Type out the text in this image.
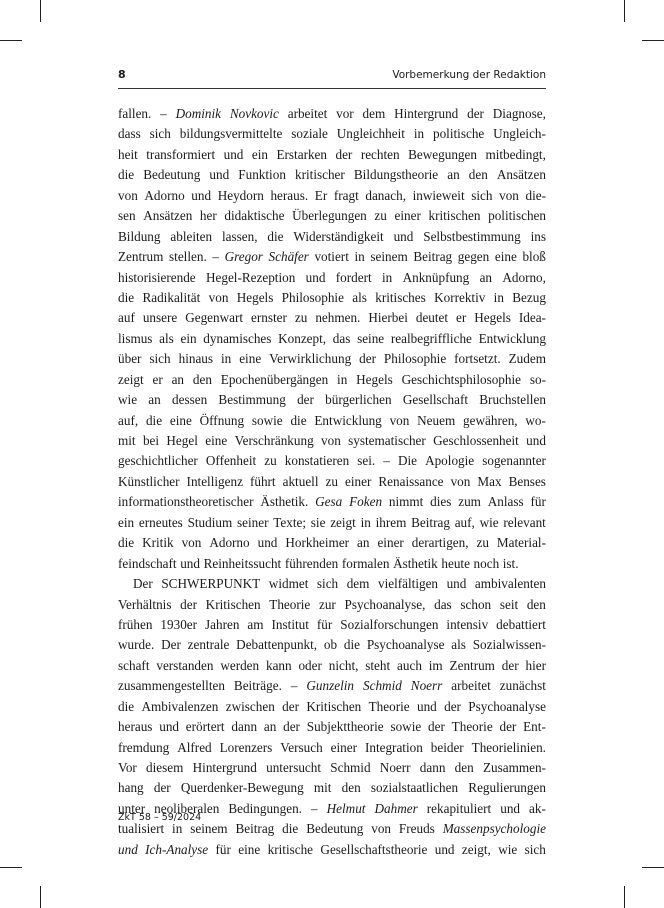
8	Vorbemerkung der Redaktion
fallen. – Dominik Novkovic arbeitet vor dem Hintergrund der Diagnose,
dass sich bildungsvermittelte soziale Ungleichheit in politische Ungleich-
heit transformiert und ein Erstarken der rechten Bewegungen mitbedingt,
die Bedeutung und Funktion kritischer Bildungstheorie an den Ansätzen
von Adorno und Heydorn heraus. Er fragt danach, inwieweit sich von die-
sen Ansätzen her didaktische Überlegungen zu einer kritischen politischen
Bildung ableiten lassen, die Widerständigkeit und Selbstbestimmung ins
Zentrum stellen. – Gregor Schäfer votiert in seinem Beitrag gegen eine bloß
historisierende Hegel-Rezeption und fordert in Anknüpfung an Adorno,
die Radikalität von Hegels Philosophie als kritisches Korrektiv in Bezug
auf unsere Gegenwart ernster zu nehmen. Hierbei deutet er Hegels Idea-
lismus als ein dynamisches Konzept, das seine realbegriffliche Entwicklung
über sich hinaus in eine Verwirklichung der Philosophie fortsetzt. Zudem
zeigt er an den Epochenübergängen in Hegels Geschichtsphilosophie so-
wie an dessen Bestimmung der bürgerlichen Gesellschaft Bruchstellen
auf, die eine Öffnung sowie die Entwicklung von Neuem gewähren, wo-
mit bei Hegel eine Verschränkung von systematischer Geschlossenheit und
geschichtlicher Offenheit zu konstatieren sei. – Die Apologie sogenannter
Künstlicher Intelligenz führt aktuell zu einer Renaissance von Max Benses
informationstheoretischer Ästhetik. Gesa Foken nimmt dies zum Anlass für
ein erneutes Studium seiner Texte; sie zeigt in ihrem Beitrag auf, wie relevant
die Kritik von Adorno und Horkheimer an einer derartigen, zu Material-
feindschaft und Reinheitssucht führenden formalen Ästhetik heute noch ist.
Der SCHWERPUNKT widmet sich dem vielfältigen und ambivalenten
Verhältnis der Kritischen Theorie zur Psychoanalyse, das schon seit den
frühen 1930er Jahren am Institut für Sozialforschungen intensiv debattiert
wurde. Der zentrale Debattenpunkt, ob die Psychoanalyse als Sozialwissen-
schaft verstanden werden kann oder nicht, steht auch im Zentrum der hier
zusammengestellten Beiträge. – Gunzelin Schmid Noerr arbeitet zunächst
die Ambivalenzen zwischen der Kritischen Theorie und der Psychoanalyse
heraus und erörtert dann an der Subjekttheorie sowie der Theorie der Ent-
fremdung Alfred Lorenzers Versuch einer Integration beider Theorielinien.
Vor diesem Hintergrund untersucht Schmid Noerr dann den Zusammen-
hang der Querdenker-Bewegung mit den sozialstaatlichen Regulierungen
unter neoliberalen Bedingungen. – Helmut Dahmer rekapituliert und ak-
tualisiert in seinem Beitrag die Bedeutung von Freuds Massenpsychologie
und Ich-Analyse für eine kritische Gesellschaftstheorie und zeigt, wie sich
ZkT 58 – 59/2024
